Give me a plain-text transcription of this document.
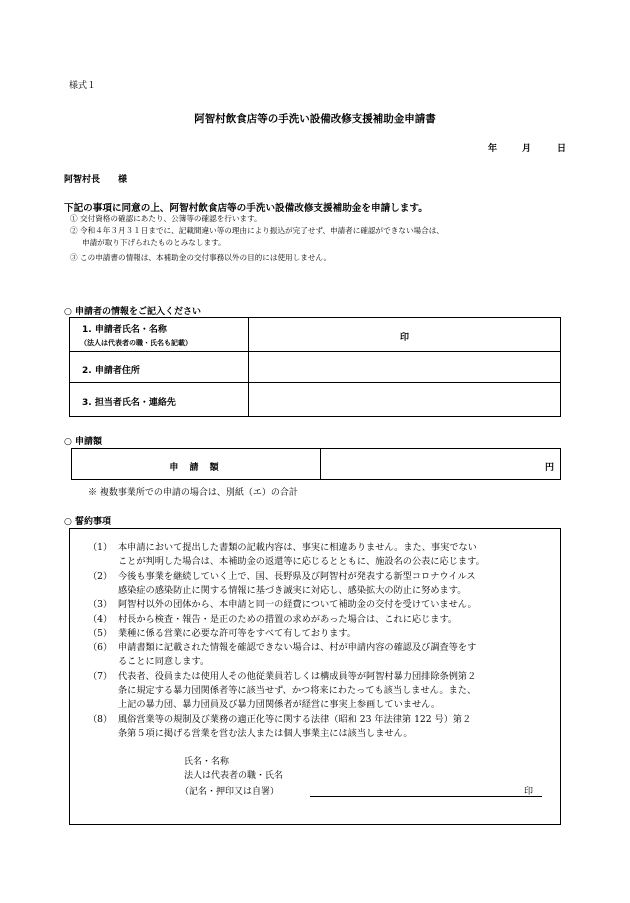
様式１
阿智村飲食店等の手洗い設備改修支援補助金申請書
年	月	日
阿智村長 様
下記の事項に同意の上、阿智村飲食店等の手洗い設備改修支援補助金を申請します。
① 交付資格の確認にあたり、公簿等の確認を行います。
② 令和４年３月３１日までに、記載間違い等の理由により振込が完了せず、申請者に確認ができない場合は、
申請が取り下げられたものとみなします。
③ この申請書の情報は、本補助金の交付事務以外の目的には使用しません。
○ 申請者の情報をご記入ください
1. 申請者氏名・名称
（法人は代表者の職・氏名も記載）	印
2. 申請者住所	
3. 担当者氏名・連絡先	
○ 申請額
申 請 額	円
※ 複数事業所での申請の場合は、別紙（エ）の合計
○ 誓約事項
（1） 本申請において提出した書類の記載内容は、事実に相違ありません。また、事実でない
ことが判明した場合は、本補助金の返還等に応じるとともに、施設名の公表に応じます。
（2） 今後も事業を継続していく上で、国、長野県及び阿智村が発表する新型コロナウイルス
感染症の感染防止に関する情報に基づき誠実に対応し、感染拡大の防止に努めます。
（3） 阿智村以外の団体から、本申請と同一の経費について補助金の交付を受けていません。
（4） 村長から検査・報告・是正のための措置の求めがあった場合は、これに応じます。
（5） 業種に係る営業に必要な許可等をすべて有しております。
（6） 申請書類に記載された情報を確認できない場合は、村が申請内容の確認及び調査等をす
ることに同意します。
（7） 代表者、役員または使用人その他従業員若しくは構成員等が阿智村暴力団排除条例第２
条に規定する暴力団関係者等に該当せず、かつ将来にわたっても該当しません。また、
上記の暴力団、暴力団員及び暴力団関係者が経営に事実上参画していません。
（8） 風俗営業等の規制及び業務の適正化等に関する法律（昭和 23 年法律第 122 号）第２
条第５項に掲げる営業を営む法人または個人事業主には該当しません。
氏名・名称
法人は代表者の職・氏名
（記名・押印又は自署）	印
